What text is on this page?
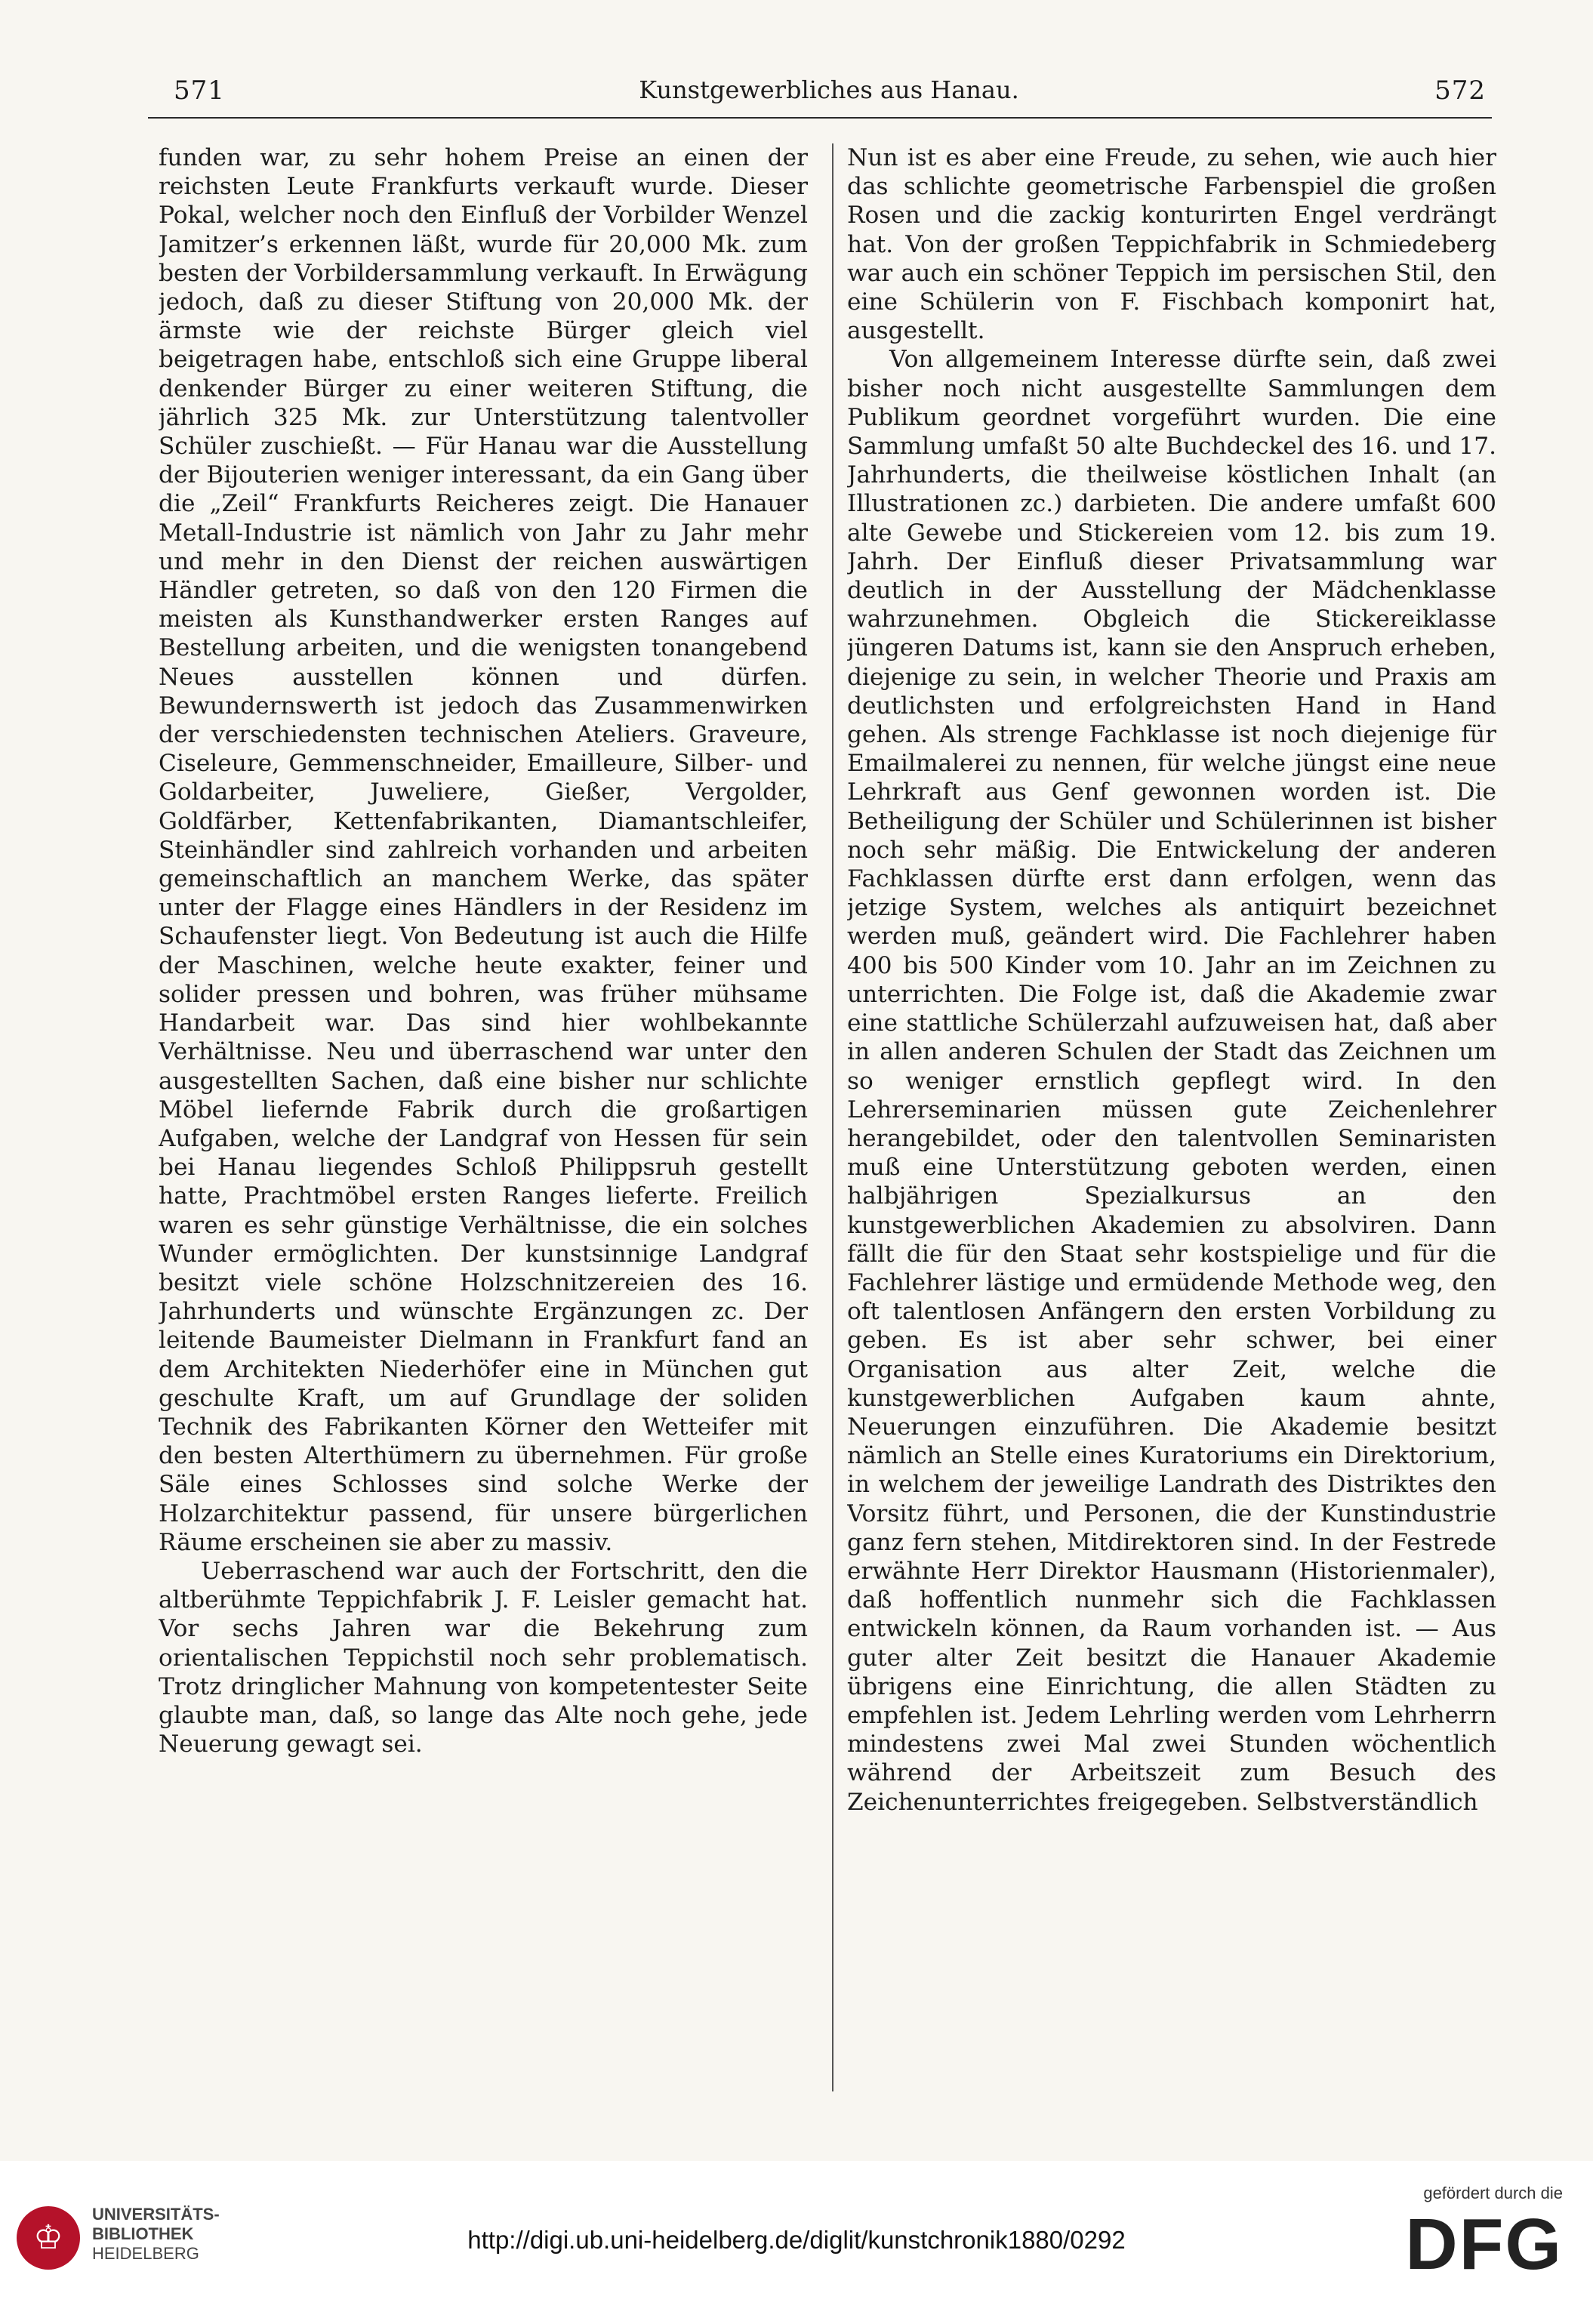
571	Kunstgewerbliches aus Hanau.	572

funden war, zu sehr hohem Preise an einen der reichsten Leute Frankfurts verkauft wurde. Dieser Pokal, welcher noch den Einfluß der Vorbilder Wenzel Jamitzer’s erkennen läßt, wurde für 20,000 Mk. zum besten der Vorbildersammlung verkauft. In Erwägung jedoch, daß zu dieser Stiftung von 20,000 Mk. der ärmste wie der reichste Bürger gleich viel beigetragen habe, entschloß sich eine Gruppe liberal denkender Bürger zu einer weiteren Stiftung, die jährlich 325 Mk. zur Unterstützung talentvoller Schüler zuschießt. — Für Hanau war die Ausstellung der Bijouterien weniger interessant, da ein Gang über die „Zeil“ Frankfurts Reicheres zeigt. Die Hanauer Metall-Industrie ist nämlich von Jahr zu Jahr mehr und mehr in den Dienst der reichen auswärtigen Händler getreten, so daß von den 120 Firmen die meisten als Kunsthandwerker ersten Ranges auf Bestellung arbeiten, und die wenigsten tonangebend Neues ausstellen können und dürfen. Bewundernswerth ist jedoch das Zusammenwirken der verschiedensten technischen Ateliers. Graveure, Ciseleure, Gemmenschneider, Emailleure, Silber- und Goldarbeiter, Juweliere, Gießer, Vergolder, Goldfärber, Kettenfabrikanten, Diamantschleifer, Steinhändler sind zahlreich vorhanden und arbeiten gemeinschaftlich an manchem Werke, das später unter der Flagge eines Händlers in der Residenz im Schaufenster liegt. Von Bedeutung ist auch die Hilfe der Maschinen, welche heute exakter, feiner und solider pressen und bohren, was früher mühsame Handarbeit war. Das sind hier wohlbekannte Verhältnisse. Neu und überraschend war unter den ausgestellten Sachen, daß eine bisher nur schlichte Möbel liefernde Fabrik durch die großartigen Aufgaben, welche der Landgraf von Hessen für sein bei Hanau liegendes Schloß Philippsruh gestellt hatte, Prachtmöbel ersten Ranges lieferte. Freilich waren es sehr günstige Verhältnisse, die ein solches Wunder ermöglichten. Der kunstsinnige Landgraf besitzt viele schöne Holzschnitzereien des 16. Jahrhunderts und wünschte Ergänzungen zc. Der leitende Baumeister Dielmann in Frankfurt fand an dem Architekten Niederhöfer eine in München gut geschulte Kraft, um auf Grundlage der soliden Technik des Fabrikanten Körner den Wetteifer mit den besten Alterthümern zu übernehmen. Für große Säle eines Schlosses sind solche Werke der Holzarchitektur passend, für unsere bürgerlichen Räume erscheinen sie aber zu massiv.

Ueberraschend war auch der Fortschritt, den die altberühmte Teppichfabrik J. F. Leisler gemacht hat. Vor sechs Jahren war die Bekehrung zum orientalischen Teppichstil noch sehr problematisch. Trotz dringlicher Mahnung von kompetentester Seite glaubte man, daß, so lange das Alte noch gehe, jede Neuerung gewagt sei.

Nun ist es aber eine Freude, zu sehen, wie auch hier das schlichte geometrische Farbenspiel die großen Rosen und die zackig konturirten Engel verdrängt hat. Von der großen Teppichfabrik in Schmiedeberg war auch ein schöner Teppich im persischen Stil, den eine Schülerin von F. Fischbach komponirt hat, ausgestellt.

Von allgemeinem Interesse dürfte sein, daß zwei bisher noch nicht ausgestellte Sammlungen dem Publikum geordnet vorgeführt wurden. Die eine Sammlung umfaßt 50 alte Buchdeckel des 16. und 17. Jahrhunderts, die theilweise köstlichen Inhalt (an Illustrationen zc.) darbieten. Die andere umfaßt 600 alte Gewebe und Stickereien vom 12. bis zum 19. Jahrh. Der Einfluß dieser Privatsammlung war deutlich in der Ausstellung der Mädchenklasse wahrzunehmen. Obgleich die Stickereiklasse jüngeren Datums ist, kann sie den Anspruch erheben, diejenige zu sein, in welcher Theorie und Praxis am deutlichsten und erfolgreichsten Hand in Hand gehen. Als strenge Fachklasse ist noch diejenige für Emailmalerei zu nennen, für welche jüngst eine neue Lehrkraft aus Genf gewonnen worden ist. Die Betheiligung der Schüler und Schülerinnen ist bisher noch sehr mäßig. Die Entwickelung der anderen Fachklassen dürfte erst dann erfolgen, wenn das jetzige System, welches als antiquirt bezeichnet werden muß, geändert wird. Die Fachlehrer haben 400 bis 500 Kinder vom 10. Jahr an im Zeichnen zu unterrichten. Die Folge ist, daß die Akademie zwar eine stattliche Schülerzahl aufzuweisen hat, daß aber in allen anderen Schulen der Stadt das Zeichnen um so weniger ernstlich gepflegt wird. In den Lehrerseminarien müssen gute Zeichenlehrer herangebildet, oder den talentvollen Seminaristen muß eine Unterstützung geboten werden, einen halbjährigen Spezialkursus an den kunstgewerblichen Akademien zu absolviren. Dann fällt die für den Staat sehr kostspielige und für die Fachlehrer lästige und ermüdende Methode weg, den oft talentlosen Anfängern den ersten Vorbildung zu geben. Es ist aber sehr schwer, bei einer Organisation aus alter Zeit, welche die kunstgewerblichen Aufgaben kaum ahnte, Neuerungen einzuführen. Die Akademie besitzt nämlich an Stelle eines Kuratoriums ein Direktorium, in welchem der jeweilige Landrath des Distriktes den Vorsitz führt, und Personen, die der Kunstindustrie ganz fern stehen, Mitdirektoren sind. In der Festrede erwähnte Herr Direktor Hausmann (Historienmaler), daß hoffentlich nunmehr sich die Fachklassen entwickeln können, da Raum vorhanden ist. — Aus guter alter Zeit besitzt die Hanauer Akademie übrigens eine Einrichtung, die allen Städten zu empfehlen ist. Jedem Lehrling werden vom Lehrherrn mindestens zwei Mal zwei Stunden wöchentlich während der Arbeitszeit zum Besuch des Zeichenunterrichtes freigegeben. Selbstverständlich

♔
UNIVERSITÄTS-
BIBLIOTHEK
HEIDELBERG	http://digi.ub.uni-heidelberg.de/diglit/kunstchronik1880/0292
gefördert durch die
DFG
